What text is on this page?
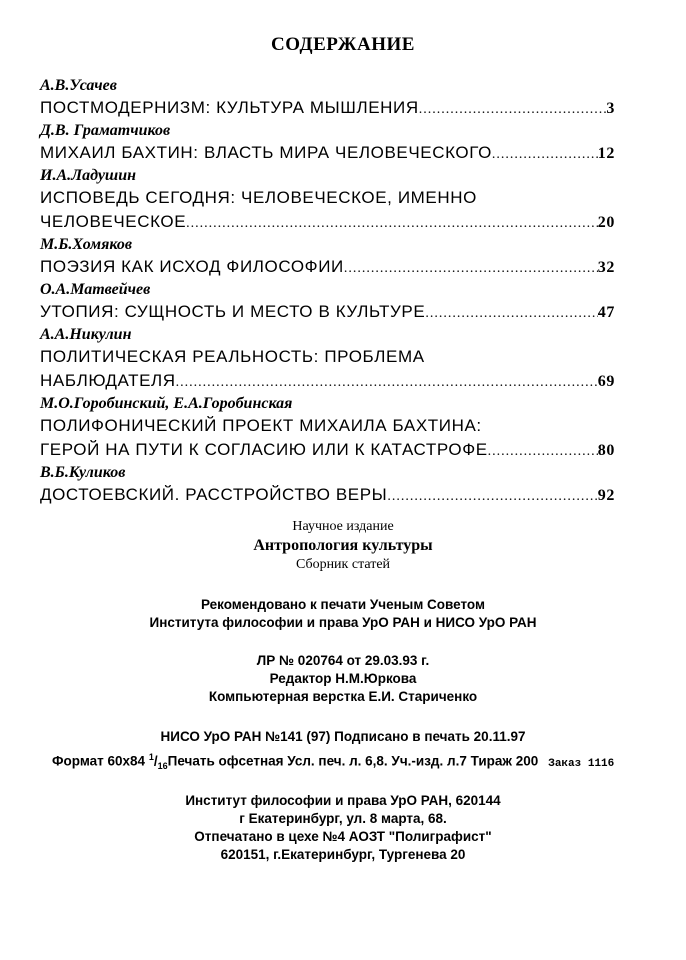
СОДЕРЖАНИЕ
А.В.Усачев
ПОСТМОДЕРНИЗМ: КУЛЬТУРА МЫШЛЕНИЯ .....	3
Д.В. Граматчиков
МИХАИЛ БАХТИН: ВЛАСТЬ МИРА ЧЕЛОВЕЧЕСКОГО .....	12
И.А.Ладушин
ИСПОВЕДЬ СЕГОДНЯ: ЧЕЛОВЕЧЕСКОЕ, ИМЕННО
ЧЕЛОВЕЧЕСКОЕ .....	20
М.Б.Хомяков
ПОЭЗИЯ КАК ИСХОД ФИЛОСОФИИ .....	32
О.А.Матвейчев
УТОПИЯ: СУЩНОСТЬ И МЕСТО В КУЛЬТУРЕ .....	47
А.А.Никулин
ПОЛИТИЧЕСКАЯ РЕАЛЬНОСТЬ: ПРОБЛЕМА
НАБЛЮДАТЕЛЯ .....	69
М.О.Горобинский, Е.А.Горобинская
ПОЛИФОНИЧЕСКИЙ ПРОЕКТ МИХАИЛА БАХТИНА:
ГЕРОЙ НА ПУТИ К СОГЛАСИЮ ИЛИ К КАТАСТРОФЕ .....	80
В.Б.Куликов
ДОСТОЕВСКИЙ. РАССТРОЙСТВО ВЕРЫ .....	92
Научное издание
Антропология культуры
Сборник статей
Рекомендовано к печати Ученым Советом
Института философии и права УрО РАН и НИСО УрО РАН
ЛР № 020764 от 29.03.93 г.
Редактор Н.М.Юркова
Компьютерная верстка Е.И. Стариченко
НИСО УрО РАН №141 (97) Подписано в печать 20.11.97
Формат 60x84 $^1/_{16}Печать$ офсетная Усл. печ. л. 6,8. Уч.-изд. л.7 Тираж 200 Заказ 1116
Институт философии и права УрО РАН, 620144
г Екатеринбург, ул. 8 марта, 68.
Отпечатано в цехе №4 АОЗТ "Полиграфист"
620151, г.Екатеринбург, Тургенева 20
